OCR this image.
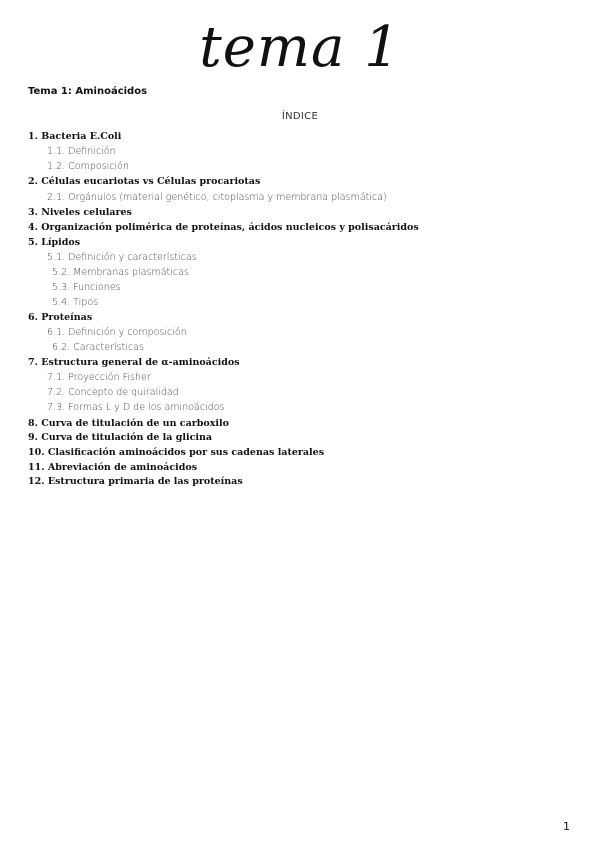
tema 1
Tema 1: Aminoácidos
ÍNDICE
1. Bacteria E.Coli
1.1. Definición
1.2. Composición
2. Células eucariotas vs Células procariotas
2.1. Orgánulos (material genético, citoplasma y membrana plasmática)
3. Niveles celulares
4. Organización polimérica de proteínas, ácidos nucleicos y polisacáridos
5. Lípidos
5.1. Definición y características
5.2. Membranas plasmáticas
5.3. Funciones
5.4. Tipos
6. Proteínas
6.1. Definición y composición
6.2. Características
7. Estructura general de α-aminoácidos
7.1. Proyección Fisher
7.2. Concepto de quiralidad
7.3. Formas L y D de los aminoácidos
8. Curva de titulación de un carboxilo
9. Curva de titulación de la glicina
10. Clasificación aminoácidos por sus cadenas laterales
11. Abreviación de aminoácidos
12. Estructura primaria de las proteínas
1
